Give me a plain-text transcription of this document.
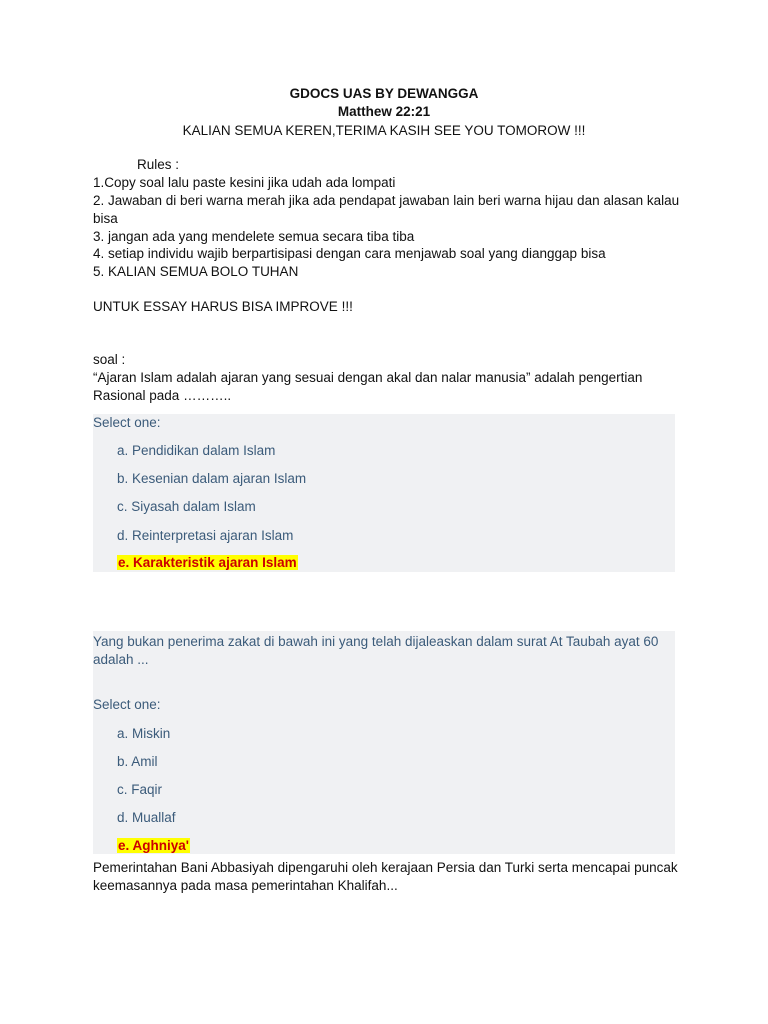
GDOCS UAS BY DEWANGGA
Matthew 22:21
KALIAN SEMUA KEREN,TERIMA KASIH SEE YOU TOMOROW !!!
Rules :
1.Copy soal lalu paste kesini jika udah ada lompati
2. Jawaban di beri warna merah jika ada pendapat jawaban lain beri warna hijau dan alasan kalau bisa
3. jangan ada yang mendelete semua secara tiba tiba
4. setiap individu wajib berpartisipasi dengan cara menjawab soal yang dianggap bisa
5. KALIAN SEMUA BOLO TUHAN
UNTUK ESSAY HARUS BISA IMPROVE !!!
soal :
“Ajaran Islam adalah ajaran yang sesuai dengan akal dan nalar manusia” adalah pengertian Rasional pada ………..
Select one:
a. Pendidikan dalam Islam
b. Kesenian dalam ajaran Islam
c. Siyasah dalam Islam
d. Reinterpretasi ajaran Islam
e. Karakteristik ajaran Islam
Yang bukan penerima zakat di bawah ini yang telah dijaleaskan dalam surat At Taubah ayat 60 adalah ...
Select one:
a. Miskin
b. Amil
c. Faqir
d. Muallaf
e. Aghniya'
Pemerintahan Bani Abbasiyah dipengaruhi oleh kerajaan Persia dan Turki serta mencapai puncak keemasannya pada masa pemerintahan Khalifah...
